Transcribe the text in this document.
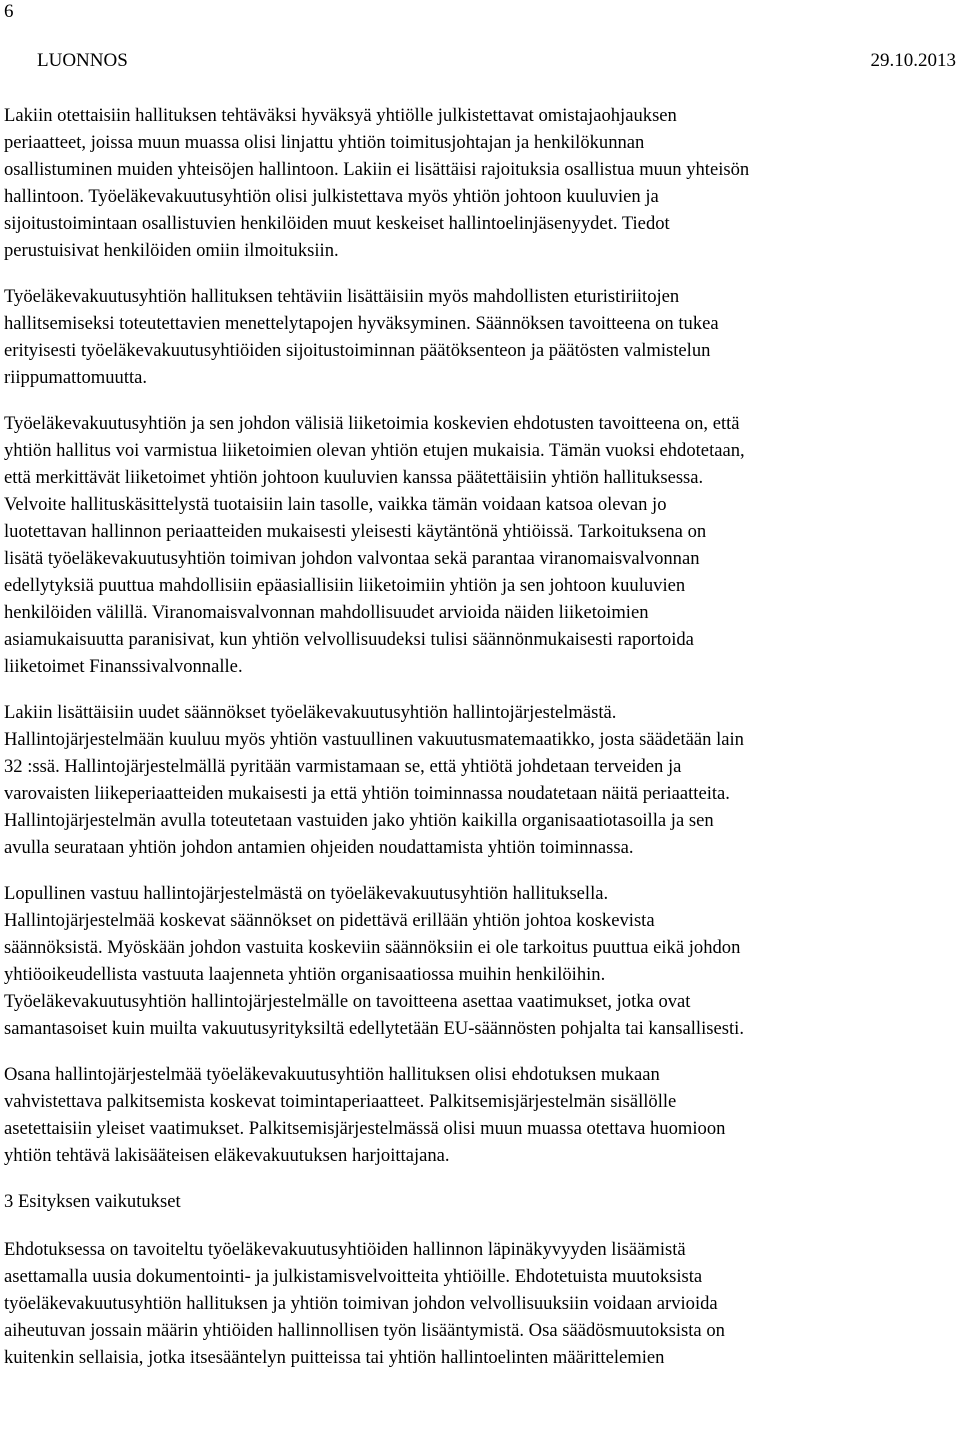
6
LUONNOS	29.10.2013
Lakiin otettaisiin hallituksen tehtäväksi hyväksyä yhtiölle julkistettavat omistajaohjauksen
periaatteet, joissa muun muassa olisi linjattu yhtiön toimitusjohtajan ja henkilökunnan
osallistuminen muiden yhteisöjen hallintoon. Lakiin ei lisättäisi rajoituksia osallistua muun yhteisön
hallintoon. Työeläkevakuutusyhtiön olisi julkistettava myös yhtiön johtoon kuuluvien ja
sijoitustoimintaan osallistuvien henkilöiden muut keskeiset hallintoelinjäsenyydet. Tiedot
perustuisivat henkilöiden omiin ilmoituksiin.
Työeläkevakuutusyhtiön hallituksen tehtäviin lisättäisiin myös mahdollisten eturistiriitojen
hallitsemiseksi toteutettavien menettelytapojen hyväksyminen. Säännöksen tavoitteena on tukea
erityisesti työeläkevakuutusyhtiöiden sijoitustoiminnan päätöksenteon ja päätösten valmistelun
riippumattomuutta.
Työeläkevakuutusyhtiön ja sen johdon välisiä liiketoimia koskevien ehdotusten tavoitteena on, että
yhtiön hallitus voi varmistua liiketoimien olevan yhtiön etujen mukaisia. Tämän vuoksi ehdotetaan,
että merkittävät liiketoimet yhtiön johtoon kuuluvien kanssa päätettäisiin yhtiön hallituksessa.
Velvoite hallituskäsittelystä tuotaisiin lain tasolle, vaikka tämän voidaan katsoa olevan jo
luotettavan hallinnon periaatteiden mukaisesti yleisesti käytäntönä yhtiöissä. Tarkoituksena on
lisätä työeläkevakuutusyhtiön toimivan johdon valvontaa sekä parantaa viranomaisvalvonnan
edellytyksiä puuttua mahdollisiin epäasiallisiin liiketoimiin yhtiön ja sen johtoon kuuluvien
henkilöiden välillä. Viranomaisvalvonnan mahdollisuudet arvioida näiden liiketoimien
asiamukaisuutta paranisivat, kun yhtiön velvollisuudeksi tulisi säännönmukaisesti raportoida
liiketoimet Finanssivalvonnalle.
Lakiin lisättäisiin uudet säännökset työeläkevakuutusyhtiön hallintojärjestelmästä.
Hallintojärjestelmään kuuluu myös yhtiön vastuullinen vakuutusmatemaatikko, josta säädetään lain
32 :ssä. Hallintojärjestelmällä pyritään varmistamaan se, että yhtiötä johdetaan terveiden ja
varovaisten liikeperiaatteiden mukaisesti ja että yhtiön toiminnassa noudatetaan näitä periaatteita.
Hallintojärjestelmän avulla toteutetaan vastuiden jako yhtiön kaikilla organisaatiotasoilla ja sen
avulla seurataan yhtiön johdon antamien ohjeiden noudattamista yhtiön toiminnassa.
Lopullinen vastuu hallintojärjestelmästä on työeläkevakuutusyhtiön hallituksella.
Hallintojärjestelmää koskevat säännökset on pidettävä erillään yhtiön johtoa koskevista
säännöksistä. Myöskään johdon vastuita koskeviin säännöksiin ei ole tarkoitus puuttua eikä johdon
yhtiöoikeudellista vastuuta laajenneta yhtiön organisaatiossa muihin henkilöihin.
Työeläkevakuutusyhtiön hallintojärjestelmälle on tavoitteena asettaa vaatimukset, jotka ovat
samantasoiset kuin muilta vakuutusyrityksiltä edellytetään EU-säännösten pohjalta tai kansallisesti.
Osana hallintojärjestelmää työeläkevakuutusyhtiön hallituksen olisi ehdotuksen mukaan
vahvistettava palkitsemista koskevat toimintaperiaatteet. Palkitsemisjärjestelmän sisällölle
asetettaisiin yleiset vaatimukset. Palkitsemisjärjestelmässä olisi muun muassa otettava huomioon
yhtiön tehtävä lakisääteisen eläkevakuutuksen harjoittajana.
3 Esityksen vaikutukset
Ehdotuksessa on tavoiteltu työeläkevakuutusyhtiöiden hallinnon läpinäkyvyyden lisäämistä
asettamalla uusia dokumentointi- ja julkistamisvelvoitteita yhtiöille. Ehdotetuista muutoksista
työeläkevakuutusyhtiön hallituksen ja yhtiön toimivan johdon velvollisuuksiin voidaan arvioida
aiheutuvan jossain määrin yhtiöiden hallinnollisen työn lisääntymistä. Osa säädösmuutoksista on
kuitenkin sellaisia, jotka itsesääntelyn puitteissa tai yhtiön hallintoelinten määrittelemien
